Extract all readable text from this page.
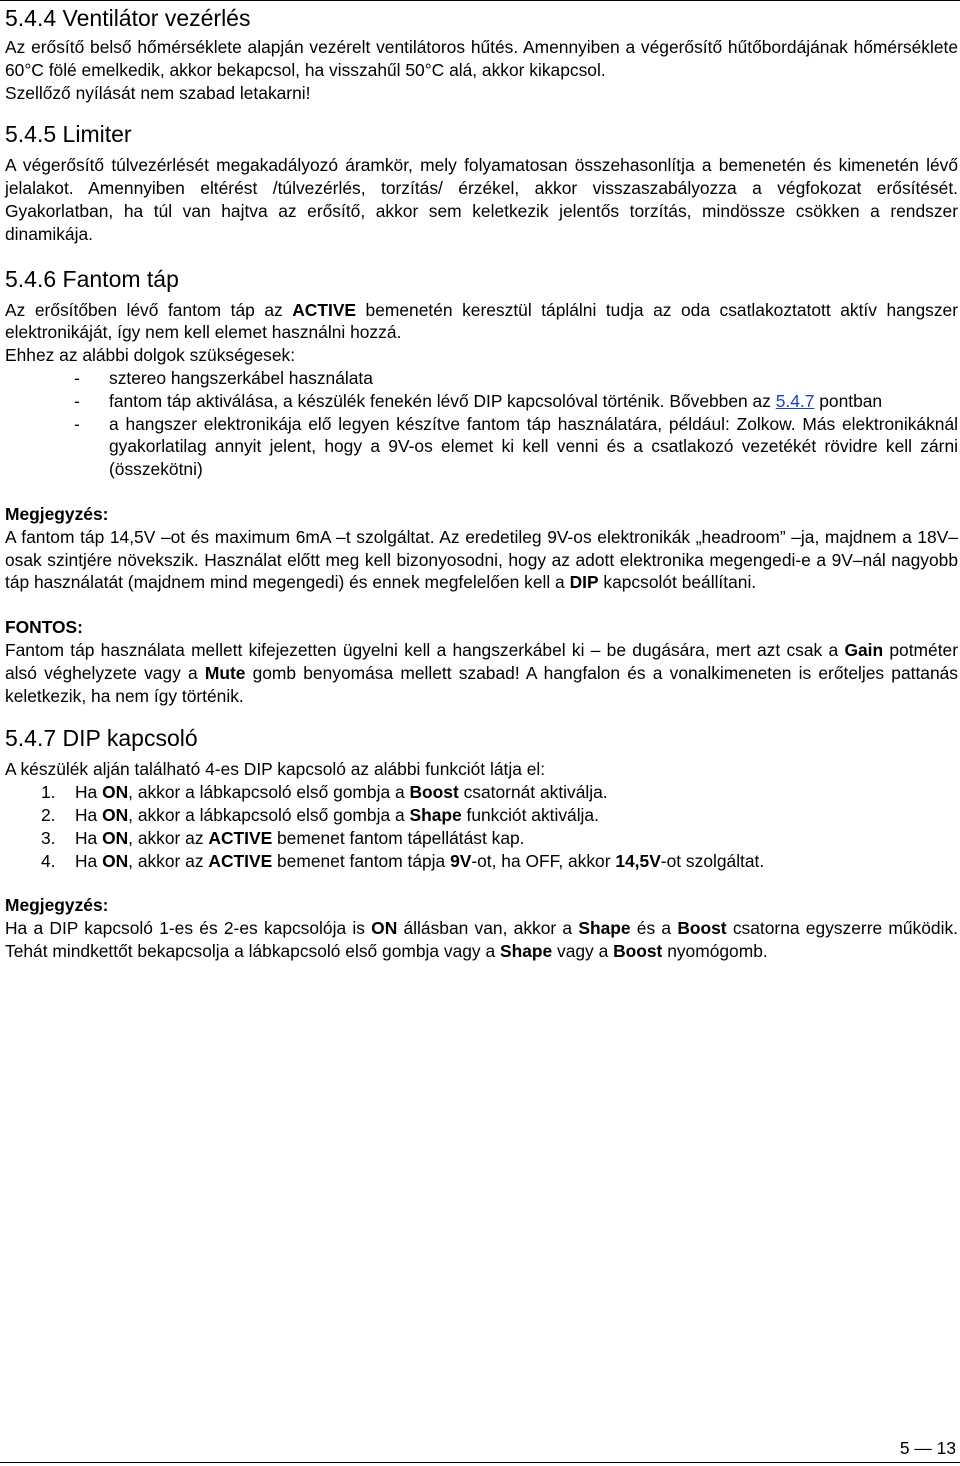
5.4.4 Ventilátor vezérlés

Az erősítő belső hőmérséklete alapján vezérelt ventilátoros hűtés. Amennyiben a végerősítő hűtőbordájának hőmérséklete 60°C fölé emelkedik, akkor bekapcsol, ha visszahűl 50°C alá, akkor kikapcsol.

Szellőző nyílását nem szabad letakarni!

5.4.5 Limiter

A végerősítő túlvezérlését megakadályozó áramkör, mely folyamatosan összehasonlítja a bemenetén és kimenetén lévő jelalakot. Amennyiben eltérést /túlvezérlés, torzítás/ érzékel, akkor visszaszabályozza a végfokozat erősítését. Gyakorlatban, ha túl van hajtva az erősítő, akkor sem keletkezik jelentős torzítás, mindössze csökken a rendszer dinamikája.

5.4.6 Fantom táp

Az erősítőben lévő fantom táp az ACTIVE bemenetén keresztül táplálni tudja az oda csatlakoztatott aktív hangszer elektronikáját, így nem kell elemet használni hozzá.

Ehhez az alábbi dolgok szükségesek:

- sztereo hangszerkábel használata
- fantom táp aktiválása, a készülék fenekén lévő DIP kapcsolóval történik. Bővebben az 5.4.7 pontban
- a hangszer elektronikája elő legyen készítve fantom táp használatára, például: Zolkow. Más elektronikáknál gyakorlatilag annyit jelent, hogy a 9V-os elemet ki kell venni és a csatlakozó vezetékét rövidre kell zárni (összekötni)

Megjegyzés:

A fantom táp 14,5V –ot és maximum 6mA –t szolgáltat. Az eredetileg 9V-os elektronikák „headroom” –ja, majdnem a 18V–osak szintjére növekszik. Használat előtt meg kell bizonyosodni, hogy az adott elektronika megengedi-e a 9V–nál nagyobb táp használatát (majdnem mind megengedi) és ennek megfelelően kell a DIP kapcsolót beállítani.

FONTOS:

Fantom táp használata mellett kifejezetten ügyelni kell a hangszerkábel ki – be dugására, mert azt csak a Gain potméter alsó véghelyzete vagy a Mute gomb benyomása mellett szabad! A hangfalon és a vonalkimeneten is erőteljes pattanás keletkezik, ha nem így történik.

5.4.7 DIP kapcsoló

A készülék alján található 4-es DIP kapcsoló az alábbi funkciót látja el:

1. Ha ON, akkor a lábkapcsoló első gombja a Boost csatornát aktiválja.
2. Ha ON, akkor a lábkapcsoló első gombja a Shape funkciót aktiválja.
3. Ha ON, akkor az ACTIVE bemenet fantom tápellátást kap.
4. Ha ON, akkor az ACTIVE bemenet fantom tápja 9V-ot, ha OFF, akkor 14,5V-ot szolgáltat.

Megjegyzés:

Ha a DIP kapcsoló 1-es és 2-es kapcsolója is ON állásban van, akkor a Shape és a Boost csatorna egyszerre működik. Tehát mindkettőt bekapcsolja a lábkapcsoló első gombja vagy a Shape vagy a Boost nyomógomb.

5 — 13
